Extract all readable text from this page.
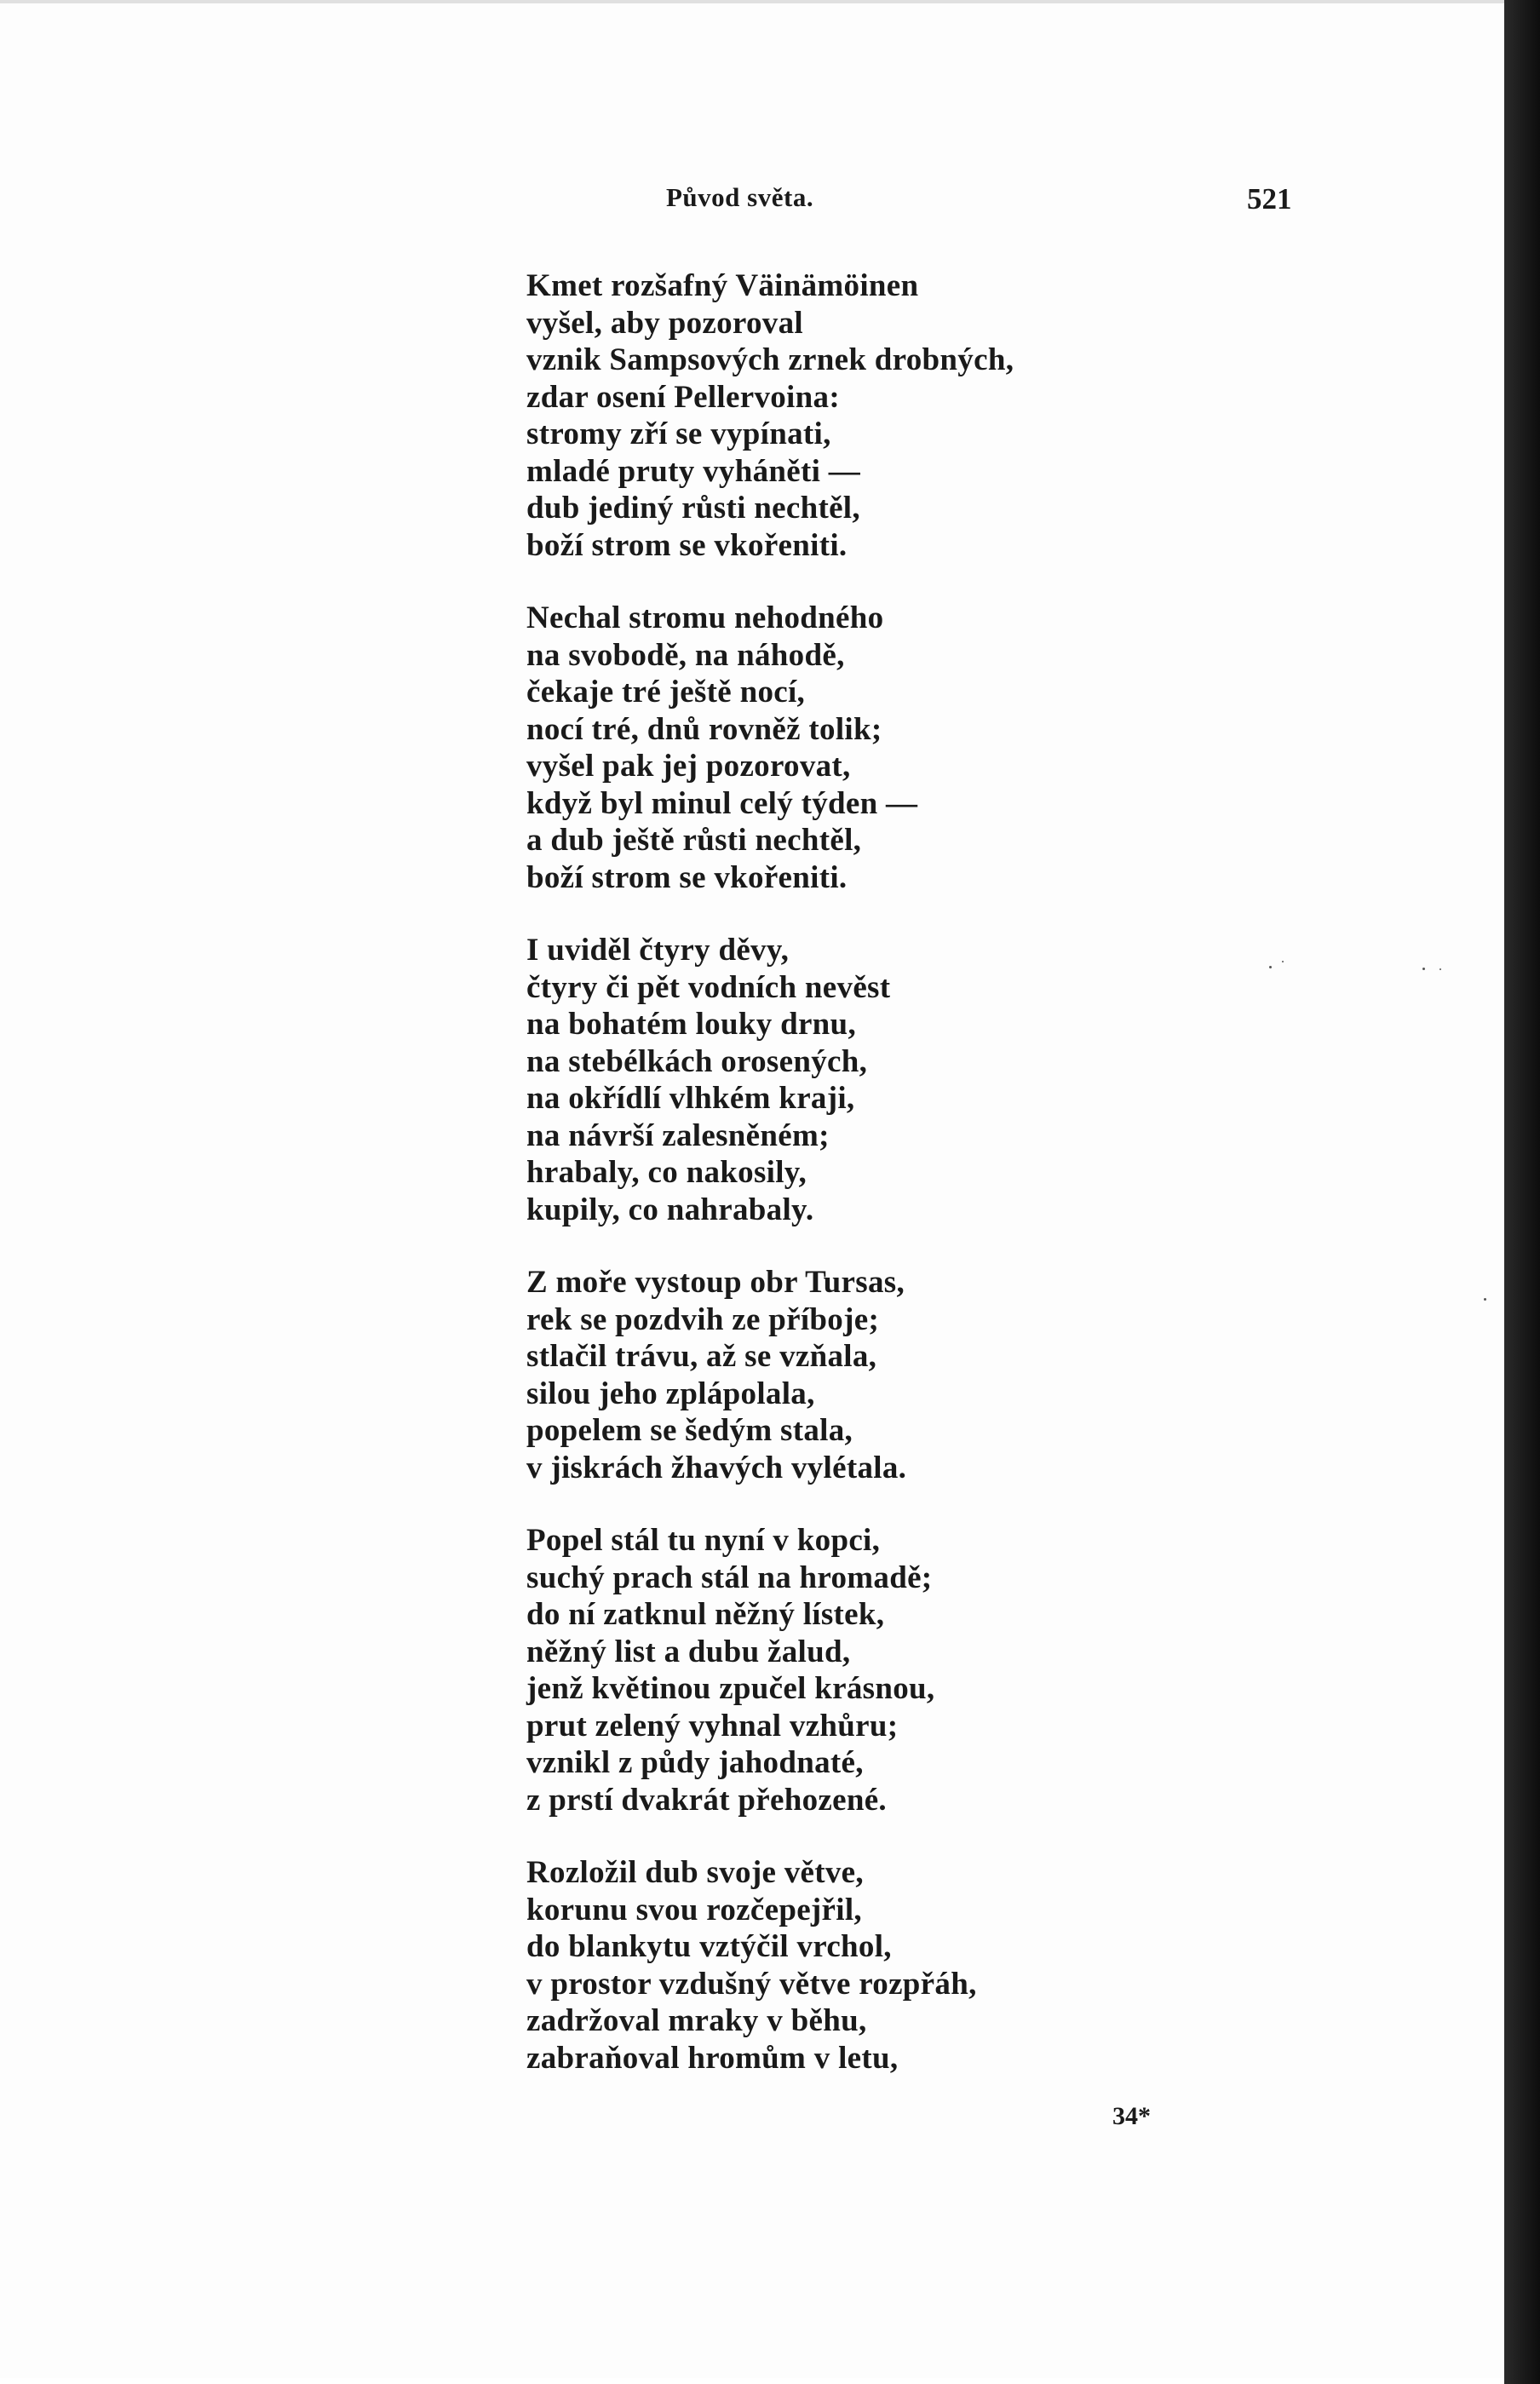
Původ světa.	521
Kmet rozšafný Väinämöinen
vyšel, aby pozoroval
vznik Sampsových zrnek drobných,
zdar osení Pellervoina:
stromy zří se vypínati,
mladé pruty vyháněti —
dub jediný růsti nechtěl,
boží strom se vkořeniti.
Nechal stromu nehodného
na svobodě, na náhodě,
čekaje tré ještě nocí,
nocí tré, dnů rovněž tolik;
vyšel pak jej pozorovat,
když byl minul celý týden —
a dub ještě růsti nechtěl,
boží strom se vkořeniti.
I uviděl čtyry děvy,
čtyry či pět vodních nevěst
na bohatém louky drnu,
na stebélkách orosených,
na okřídlí vlhkém kraji,
na návrší zalesněném;
hrabaly, co nakosily,
kupily, co nahrabaly.
Z moře vystoup obr Tursas,
rek se pozdvih ze příboje;
stlačil trávu, až se vzňala,
silou jeho zplápolala,
popelem se šedým stala,
v jiskrách žhavých vylétala.
Popel stál tu nyní v kopci,
suchý prach stál na hromadě;
do ní zatknul něžný lístek,
něžný list a dubu žalud,
jenž květinou zpučel krásnou,
prut zelený vyhnal vzhůru;
vznikl z půdy jahodnaté,
z prstí dvakrát přehozené.
Rozložil dub svoje větve,
korunu svou rozčepejřil,
do blankytu vztýčil vrchol,
v prostor vzdušný větve rozpřáh,
zadržoval mraky v běhu,
zabraňoval hromům v letu,
34*
